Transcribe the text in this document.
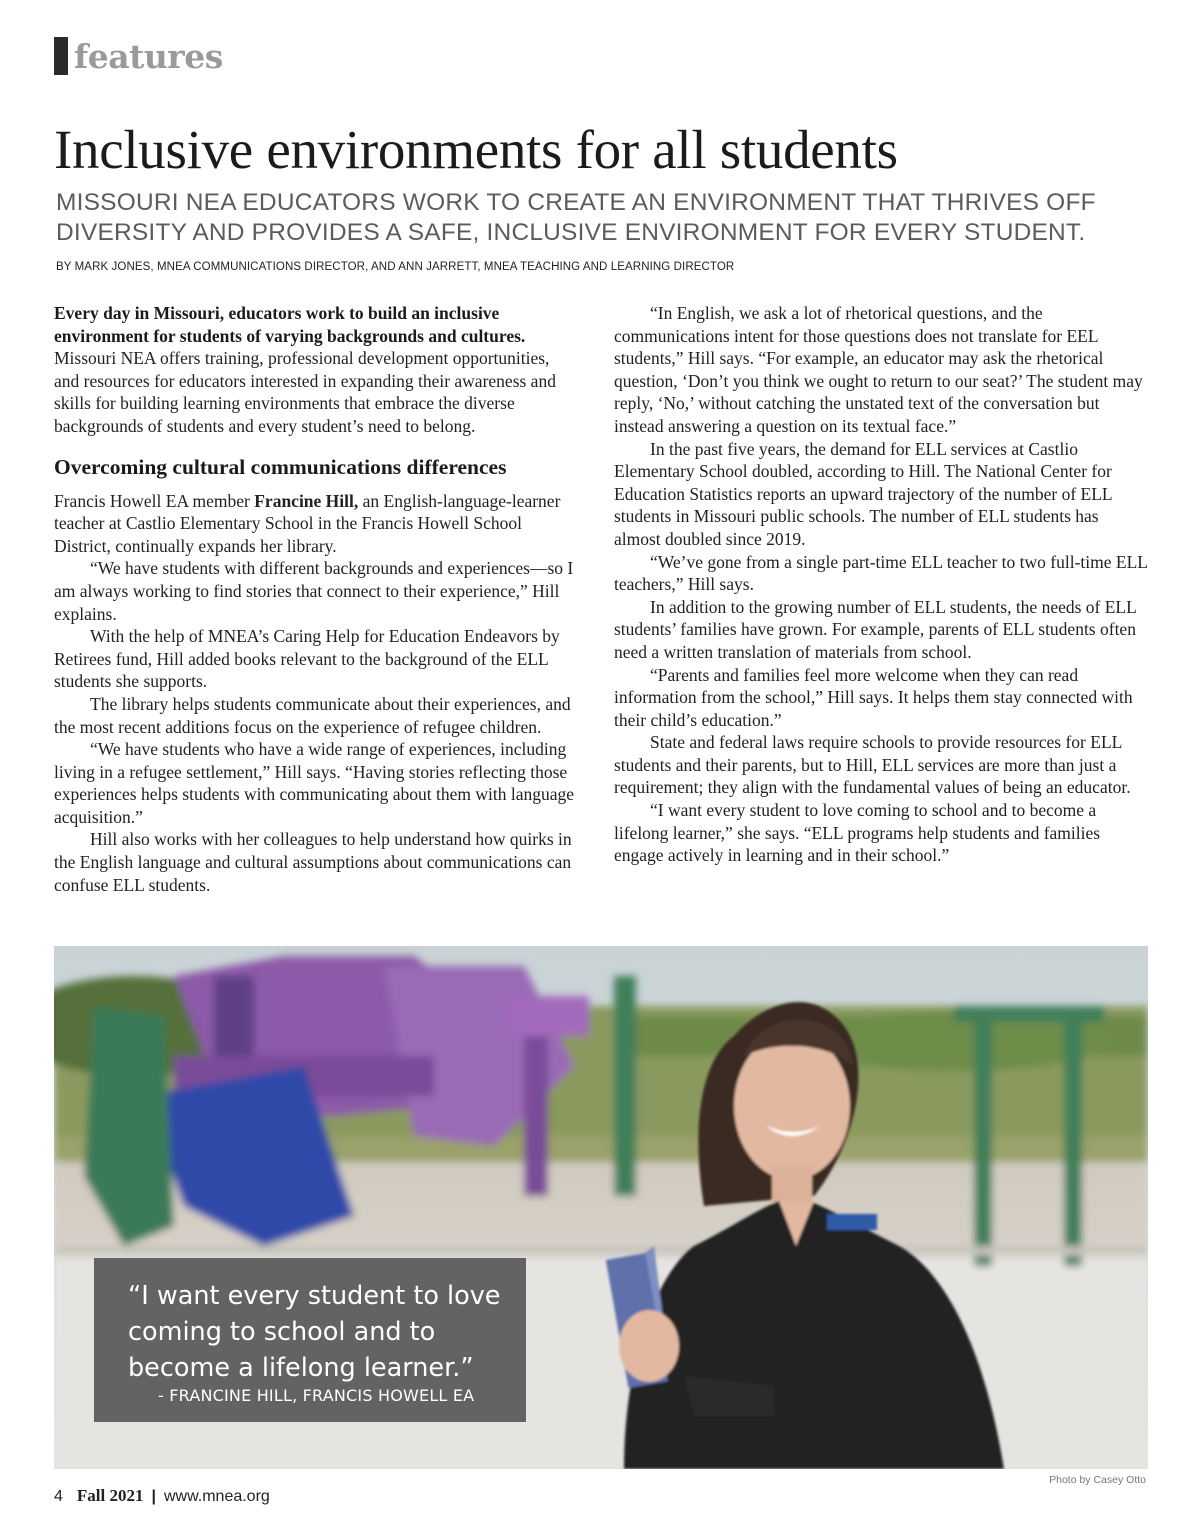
features
Inclusive environments for all students

MISSOURI NEA EDUCATORS WORK TO CREATE AN ENVIRONMENT THAT THRIVES OFF DIVERSITY AND PROVIDES A SAFE, INCLUSIVE ENVIRONMENT FOR EVERY STUDENT.

BY MARK JONES, MNEA COMMUNICATIONS DIRECTOR, AND ANN JARRETT, MNEA TEACHING AND LEARNING DIRECTOR

Every day in Missouri, educators work to build an inclusive environment for students of varying backgrounds and cultures. Missouri NEA offers training, professional development opportunities, and resources for educators interested in expanding their awareness and skills for building learning environments that embrace the diverse backgrounds of students and every student’s need to belong.

Overcoming cultural communications differences

Francis Howell EA member Francine Hill, an English-language-learner teacher at Castlio Elementary School in the Francis Howell School District, continually expands her library.

“We have students with different backgrounds and experiences—so I am always working to find stories that connect to their experience,” Hill explains.

With the help of MNEA’s Caring Help for Education Endeavors by Retirees fund, Hill added books relevant to the background of the ELL students she supports.

The library helps students communicate about their experiences, and the most recent additions focus on the experience of refugee children.

“We have students who have a wide range of experiences, including living in a refugee settlement,” Hill says. “Having stories reflecting those experiences helps students with communicating about them with language acquisition.”

Hill also works with her colleagues to help understand how quirks in the English language and cultural assumptions about communications can confuse ELL students.

“In English, we ask a lot of rhetorical questions, and the communications intent for those questions does not translate for EEL students,” Hill says. “For example, an educator may ask the rhetorical question, ‘Don’t you think we ought to return to our seat?’ The student may reply, ‘No,’ without catching the unstated text of the conversation but instead answering a question on its textual face.”

In the past five years, the demand for ELL services at Castlio Elementary School doubled, according to Hill. The National Center for Education Statistics reports an upward trajectory of the number of ELL students in Missouri public schools. The number of ELL students has almost doubled since 2019.

“We’ve gone from a single part-time ELL teacher to two full-time ELL teachers,” Hill says.

In addition to the growing number of ELL students, the needs of ELL students’ families have grown. For example, parents of ELL students often need a written translation of materials from school.

“Parents and families feel more welcome when they can read information from the school,” Hill says. It helps them stay connected with their child’s education.”

State and federal laws require schools to provide resources for ELL students and their parents, but to Hill, ELL services are more than just a requirement; they align with the fundamental values of being an educator.

“I want every student to love coming to school and to become a lifelong learner,” she says. “ELL programs help students and families engage actively in learning and in their school.”

“I want every student to love coming to school and to become a lifelong learner.”
- FRANCINE HILL, FRANCIS HOWELL EA
Photo by Casey Otto
4 Fall 2021 | www.mnea.org
